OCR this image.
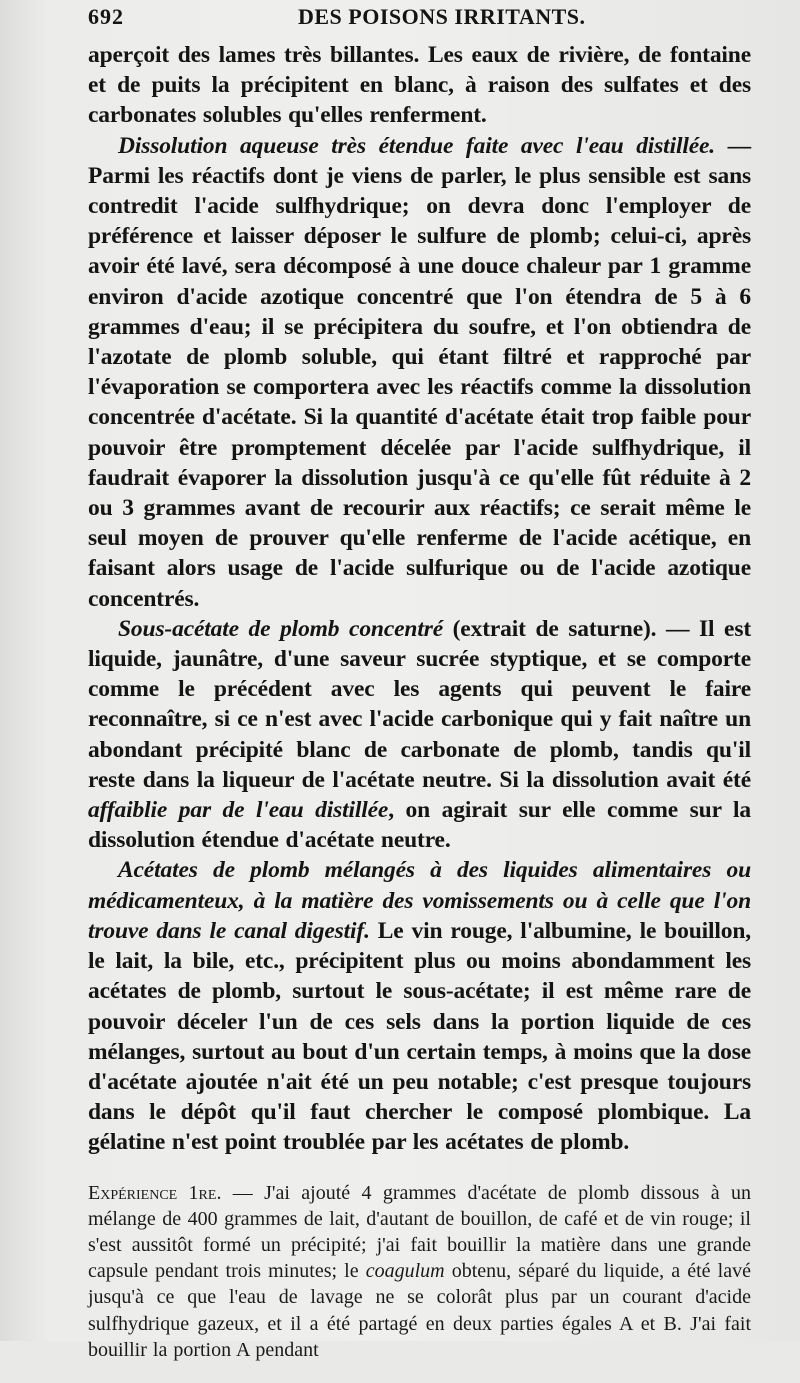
692	DES POISONS IRRITANTS.

aperçoit des lames très billantes. Les eaux de rivière, de fontaine et de puits la précipitent en blanc, à raison des sulfates et des carbonates solubles qu'elles renferment.

Dissolution aqueuse très étendue faite avec l'eau distillée. — Parmi les réactifs dont je viens de parler, le plus sensible est sans contredit l'acide sulfhydrique; on devra donc l'employer de préférence et laisser déposer le sulfure de plomb; celui-ci, après avoir été lavé, sera décomposé à une douce chaleur par 1 gramme environ d'acide azotique concentré que l'on étendra de 5 à 6 grammes d'eau; il se précipitera du soufre, et l'on obtiendra de l'azotate de plomb soluble, qui étant filtré et rapproché par l'évaporation se comportera avec les réactifs comme la dissolution concentrée d'acétate. Si la quantité d'acétate était trop faible pour pouvoir être promptement décelée par l'acide sulfhydrique, il faudrait évaporer la dissolution jusqu'à ce qu'elle fût réduite à 2 ou 3 grammes avant de recourir aux réactifs; ce serait même le seul moyen de prouver qu'elle renferme de l'acide acétique, en faisant alors usage de l'acide sulfurique ou de l'acide azotique concentrés.

Sous-acétate de plomb concentré (extrait de saturne). — Il est liquide, jaunâtre, d'une saveur sucrée styptique, et se comporte comme le précédent avec les agents qui peuvent le faire reconnaître, si ce n'est avec l'acide carbonique qui y fait naître un abondant précipité blanc de carbonate de plomb, tandis qu'il reste dans la liqueur de l'acétate neutre. Si la dissolution avait été affaiblie par de l'eau distillée, on agirait sur elle comme sur la dissolution étendue d'acétate neutre.

Acétates de plomb mélangés à des liquides alimentaires ou médicamenteux, à la matière des vomissements ou à celle que l'on trouve dans le canal digestif. Le vin rouge, l'albumine, le bouillon, le lait, la bile, etc., précipitent plus ou moins abondamment les acétates de plomb, surtout le sous-acétate; il est même rare de pouvoir déceler l'un de ces sels dans la portion liquide de ces mélanges, surtout au bout d'un certain temps, à moins que la dose d'acétate ajoutée n'ait été un peu notable; c'est presque toujours dans le dépôt qu'il faut chercher le composé plombique. La gélatine n'est point troublée par les acétates de plomb.

Expérience 1re. — J'ai ajouté 4 grammes d'acétate de plomb dissous à un mélange de 400 grammes de lait, d'autant de bouillon, de café et de vin rouge; il s'est aussitôt formé un précipité; j'ai fait bouillir la matière dans une grande capsule pendant trois minutes; le coagulum obtenu, séparé du liquide, a été lavé jusqu'à ce que l'eau de lavage ne se colorât plus par un courant d'acide sulfhydrique gazeux, et il a été partagé en deux parties égales A et B. J'ai fait bouillir la portion A pendant
